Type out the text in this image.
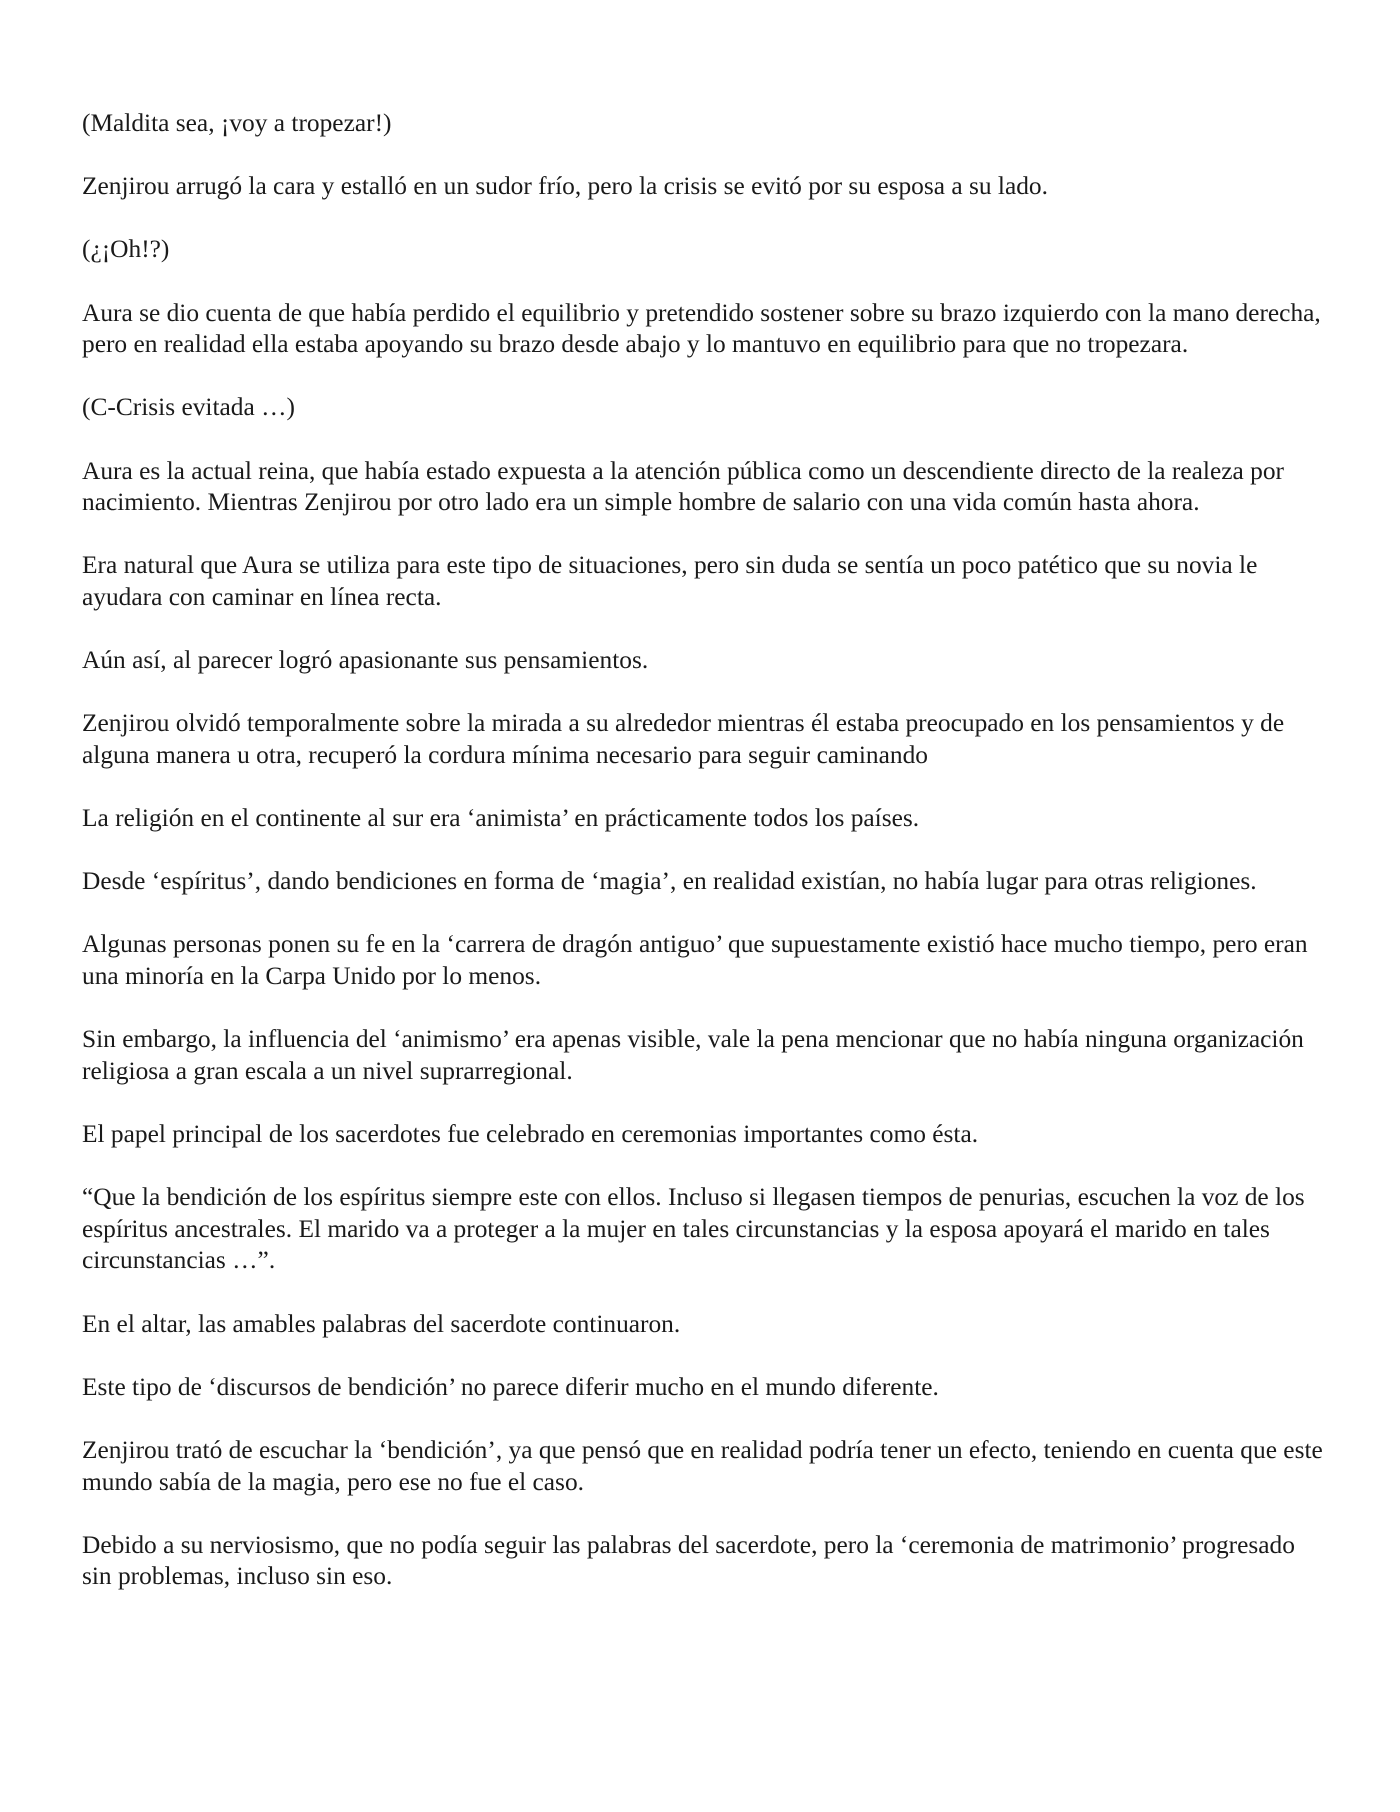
(Maldita sea, ¡voy a tropezar!)

Zenjirou arrugó la cara y estalló en un sudor frío, pero la crisis se evitó por su esposa a su lado.

(¿¡Oh!?)

Aura se dio cuenta de que había perdido el equilibrio y pretendido sostener sobre su brazo izquierdo con la mano derecha, pero en realidad ella estaba apoyando su brazo desde abajo y lo mantuvo en equilibrio para que no tropezara.

(C-Crisis evitada …)

Aura es la actual reina, que había estado expuesta a la atención pública como un descendiente directo de la realeza por nacimiento. Mientras Zenjirou por otro lado era un simple hombre de salario con una vida común hasta ahora.

Era natural que Aura se utiliza para este tipo de situaciones, pero sin duda se sentía un poco patético que su novia le ayudara con caminar en línea recta.

Aún así, al parecer logró apasionante sus pensamientos.

Zenjirou olvidó temporalmente sobre la mirada a su alrededor mientras él estaba preocupado en los pensamientos y de alguna manera u otra, recuperó la cordura mínima necesario para seguir caminando

La religión en el continente al sur era ‘animista’ en prácticamente todos los países.

Desde ‘espíritus’, dando bendiciones en forma de ‘magia’, en realidad existían, no había lugar para otras religiones.

Algunas personas ponen su fe en la ‘carrera de dragón antiguo’ que supuestamente existió hace mucho tiempo, pero eran una minoría en la Carpa Unido por lo menos.

Sin embargo, la influencia del ‘animismo’ era apenas visible, vale la pena mencionar que no había ninguna organización religiosa a gran escala a un nivel suprarregional.

El papel principal de los sacerdotes fue celebrado en ceremonias importantes como ésta.

“Que la bendición de los espíritus siempre este con ellos. Incluso si llegasen tiempos de penurias, escuchen la voz de los espíritus ancestrales. El marido va a proteger a la mujer en tales circunstancias y la esposa apoyará el marido en tales circunstancias …”.

En el altar, las amables palabras del sacerdote continuaron.

Este tipo de ‘discursos de bendición’ no parece diferir mucho en el mundo diferente.

Zenjirou trató de escuchar la ‘bendición’, ya que pensó que en realidad podría tener un efecto, teniendo en cuenta que este mundo sabía de la magia, pero ese no fue el caso.

Debido a su nerviosismo, que no podía seguir las palabras del sacerdote, pero la ‘ceremonia de matrimonio’ progresado sin problemas, incluso sin eso.
